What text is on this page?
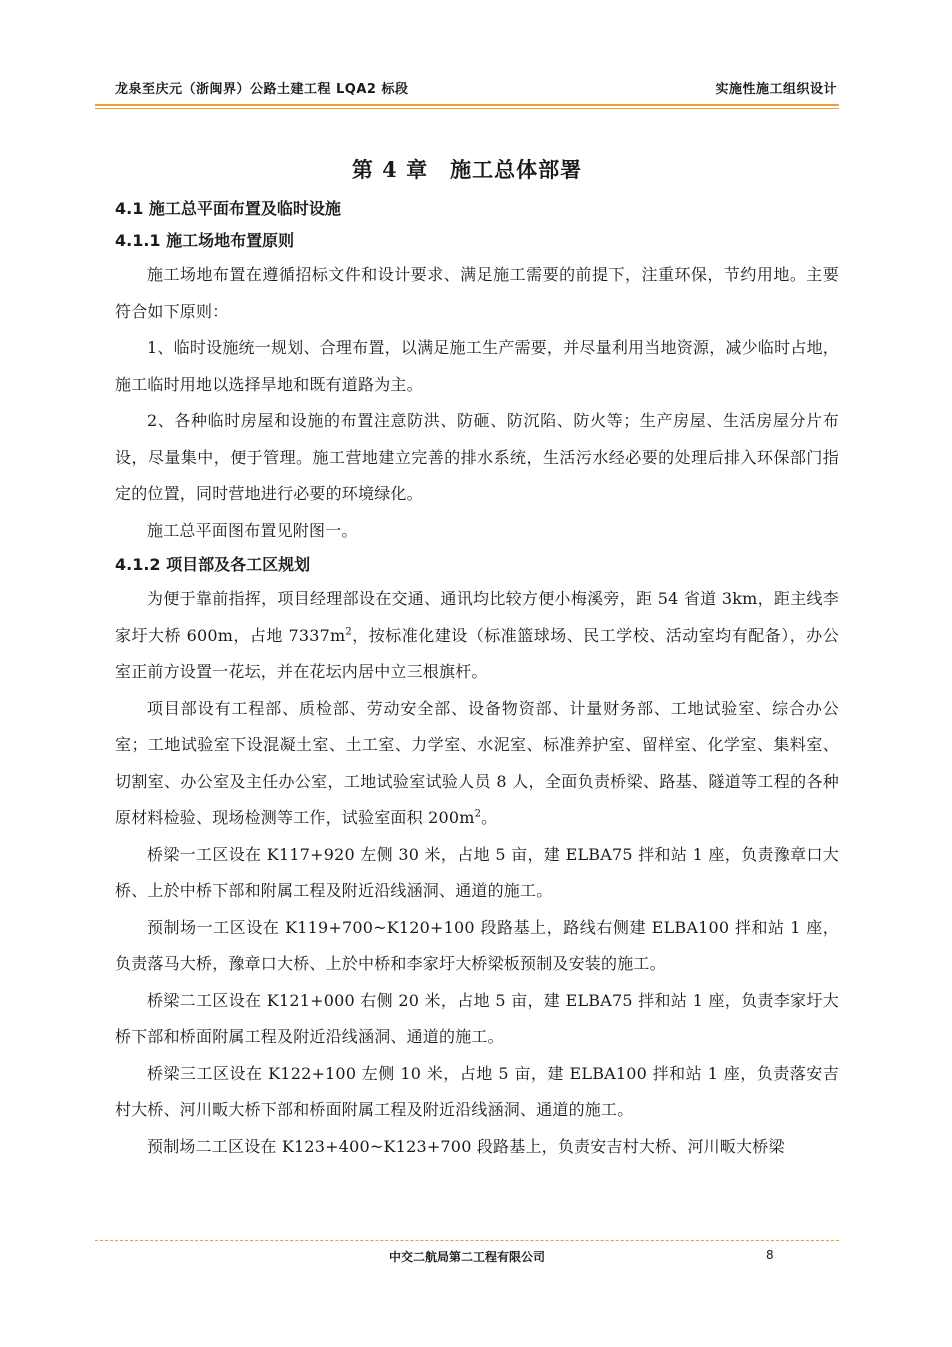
龙泉至庆元（浙闽界）公路土建工程 LQA2 标段	实施性施工组织设计
第 4 章　施工总体部署

4.1 施工总平面布置及临时设施

4.1.1 施工场地布置原则

施工场地布置在遵循招标文件和设计要求、满足施工需要的前提下，注重环保，节约用地。主要符合如下原则：

1、临时设施统一规划、合理布置，以满足施工生产需要，并尽量利用当地资源，减少临时占地，施工临时用地以选择旱地和既有道路为主。

2、各种临时房屋和设施的布置注意防洪、防砸、防沉陷、防火等；生产房屋、生活房屋分片布设，尽量集中，便于管理。施工营地建立完善的排水系统，生活污水经必要的处理后排入环保部门指定的位置，同时营地进行必要的环境绿化。

施工总平面图布置见附图一。

4.1.2 项目部及各工区规划

为便于靠前指挥，项目经理部设在交通、通讯均比较方便小梅溪旁，距 54 省道 3km，距主线李家圩大桥 600m，占地 $7337m^2$，按标准化建设（标准篮球场、民工学校、活动室均有配备），办公室正前方设置一花坛，并在花坛内居中立三根旗杆。

项目部设有工程部、质检部、劳动安全部、设备物资部、计量财务部、工地试验室、综合办公室；工地试验室下设混凝土室、土工室、力学室、水泥室、标准养护室、留样室、化学室、集料室、切割室、办公室及主任办公室，工地试验室试验人员 8 人，全面负责桥梁、路基、隧道等工程的各种原材料检验、现场检测等工作，试验室面积 $200m^2$。

桥梁一工区设在 K117+920 左侧 30 米，占地 5 亩，建 ELBA75 拌和站 1 座，负责豫章口大桥、上於中桥下部和附属工程及附近沿线涵洞、通道的施工。

预制场一工区设在 K119+700~K120+100 段路基上，路线右侧建 ELBA100 拌和站 1 座，负责落马大桥，豫章口大桥、上於中桥和李家圩大桥梁板预制及安装的施工。

桥梁二工区设在 K121+000 右侧 20 米，占地 5 亩，建 ELBA75 拌和站 1 座，负责李家圩大桥下部和桥面附属工程及附近沿线涵洞、通道的施工。

桥梁三工区设在 K122+100 左侧 10 米，占地 5 亩，建 ELBA100 拌和站 1 座，负责落安吉村大桥、河川畈大桥下部和桥面附属工程及附近沿线涵洞、通道的施工。

预制场二工区设在 K123+400~K123+700 段路基上，负责安吉村大桥、河川畈大桥梁

中交二航局第二工程有限公司	8
